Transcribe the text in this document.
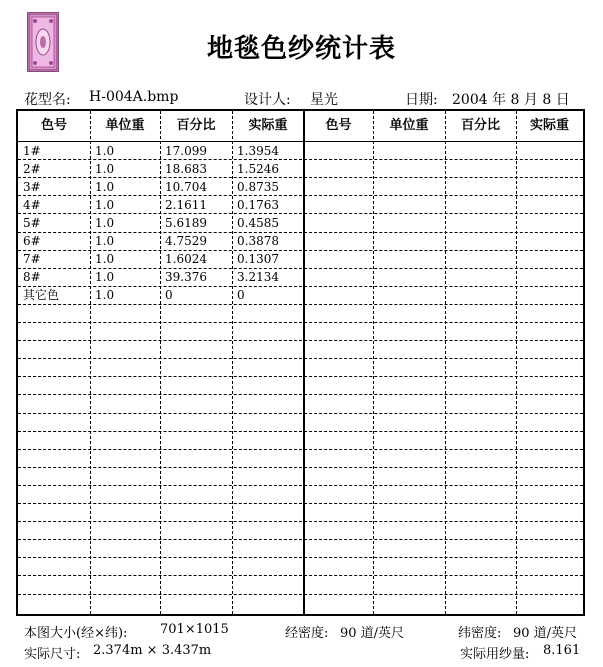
地毯色纱统计表
花型名: H-004A.bmp	设计人: 星光	日期: 2004 年 8 月 8 日
色号	单位重	百分比	实际重	色号	单位重	百分比	实际重
1#	1.0	17.099	1.3954
2#	1.0	18.683	1.5246
3#	1.0	10.704	0.8735
4#	1.0	2.1611	0.1763
5#	1.0	5.6189	0.4585
6#	1.0	4.7529	0.3878
7#	1.0	1.6024	0.1307
8#	1.0	39.376	3.2134
其它色	1.0	0	0
本图大小(经×纬):	701×1015	经密度: 90 道/英尺	纬密度: 90 道/英尺
实际尺寸: 2.374m × 3.437m	实际用纱量: 8.161
